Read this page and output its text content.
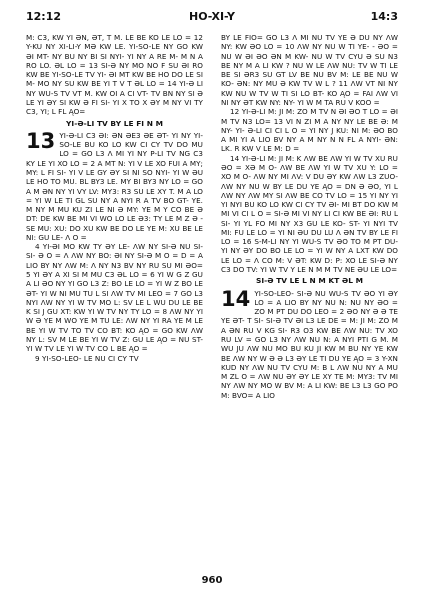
12:12	HO-XI-Y	14:3

M: C3, KW YI ƏN, ƏT, T M. LE BE KO LE LO = 12 Y-KU NY XI-LI-Y MƏ KW LE. YI-SO-LE NY GO KW ƏI MT- NY BU NY BI SI NYI- YI NY A RE M- M N A RO LO. ƏL LO = 13 SI-Ə NY MO NO F SU ƏI RO KW BE YI-SO-LE TV YI- ƏI MT KW BE HO DO LE SI M- MO NY SU KW BE YI T V T ƏL LO = 14 YI-Ə LI NY WU-S TV VT M. KW OI A CI VT- TV BN NY SI Ə LE YI ƏY SI KW Ə FI SI- YI X TO X ƏY M NY VI TY C3, YI; L FL ĄO=

YI-Ə-LI TV BY LE FI N M

13 YI-Ə-LI C3 ƏI: ƏN ƏE3 ƏE ƏT- YI NY YI-SO-LE BU KO LO KW CI CY TV DO MU LO = GO L3 Λ MI YI NY P-LI TV NG C3 KY LE YI XO LO = 2 A MT N: YI V LE XO FUI A MY; MY: L FI SI- YI V LE GY ƏY SI NI SO NYI- YI W ƏU LE HO TO MU. BL BY3 LE. MY BI BY3 NY LO = GO A M ƏN NY YI VY LV: MY3: R3 SU LE XY T. M A LO = YI W LE TI GL SU NY A NYI R A TV BO GT- YE. M NY M MU KU ZI LE NI Ə MY: YE M Y CO BE Ə DT: DE KW BE MI VI WO LO LE Ə3: TY LE M Z Ə - SE MU: XU: DO XU KW BE DO LE YE M: XU BE LE NI: GU LE- Λ O =

4 YI-ƏI MO KW TY ƏY LE- ΛW NY SI-Ə NU SI- SI- Ə O = Λ ΛW NY BO: ƏI NY SI-Ə M O = D = A LIO BY NY ΛW M: Λ NY N3 BV NY RU SU MI ƏO= 5 YI ƏY A XI SI M MU C3 ƏL LO = 6 YI W G Z GU A LI ƏO NY YI GO L3 Z: BO LE LO = YI W Z BO LE ƏT- YI W NI MU TU L SI ΛW TV MI LEO = 7 GO L3 NYI ΛW NY YI W TV MO L: SV LE L WU DU LE BE K SI J GU XT: KW YI W TV NY TY LO = 8 ΛW NY YI W Ə YE M WO YE M TU LE: ΛW NY YI RA YE M LE BE YI W TV TO TV CO BT: KO ĄO = GO KW ΛW NY L: SV M LE BE YI W TV Z: GU LE ĄO = NU ST- YI W TV LE YI W TV CO L BE ĄO =

9 YI-SO-LEO- LE NU CI CY TV

BY LE FIO= GO L3 Λ MI NU TV YE Ə DU NY ΛW NY: KW ƏO LO = 10 ΛW NY NU W TI YE- - ƏO = NU W ƏI ƏO ƏN M KW- NU W TV CYU Ə SU N3 BE NY M A LI KW ? NU W LE ΛW NU: TV W TI LE BE SI ƏR3 SU GT LV BE NU BV M: LE BE NU W KO- ƏN: NY MU Ə KW TV W L ? 11 ΛW VT NI NY KW NU W TV W TI SI LO BT- KO ĄO = FAI ΛW VI NI NY ƏT KW NY: NY- YI W M TA RU V KOO =

12 YI-Ə-LI M: JI M: ZO M TV N ƏI ƏO T LO = ƏI M TV N3 LO= 13 VI N ZI M A NY NY LE BE Ə: M NY- YI- Ə-LI CI CI L O = YI NY J KU: NI M: ƏO BO A MI YI A LIO BV NY A M NY N N FL A NYI- ƏN: LK. R KW V LE M: D =

14 YI-Ə-LI M: JI M: K ΛW BE ΛW YI W TV XU RU ƏO = XƏ M O- ΛW BE ΛW YI W TV XU Y: LO = XO M O- ΛW NY MI ΛV: V DU ƏY KW ΛW L3 ZUO- ΛW NY NU W BY LE DU YE ĄO = DN Ə ƏO, YI L ΛW NY ΛW MY SI ΛW BE CO TV LO = 15 YI NY YI YI NYI BU KO LO KW CI CY TV ƏI- MI BT DO KW M MI VI CI L O = SI-Ə MI VI NY LI CI KW BE ƏI: RU L SI- YI YL FO MI NY X3 GU LE KO- ST- YI NYI TV MI: FU LE LO = YI NI ƏU DU LU Λ ƏN TV BY LE FI LO = 16 S-M-LI NY YI WU-S TV ƏO TO M PT DU- YI NY ƏY DO BO LE LO = YI W NY A LXT KW DO LE LO = Λ CO M: V ƏT: KW D: P: XO LE SI-Ə NY C3 DO TV: YI W TV Y LE N M M TV NE ƏU LE LO=

SI-Ə TV LE L N M KT ƏL M

14 YI-SO-LEO- SI-Ə NU WU-S TV ƏO YI ƏY LO = A LIO BY NY NU N: NU NY ƏO = ZO M PT DU DO LEO = 2 ƏO NY Ə Ə TE YE ƏT- T SI- SI-Ə TV ƏI L3 LE DE = M: JI M: ZO M A ƏN RU V KG SI- R3 O3 KW BE ΛW NU: TV XO RU LV = GO L3 NY ΛW NU N: A NYI PTI G M. M WU JU ΛW NU MO BU KU JI KW M BU NY YE KW BE ΛW NY W Ə Ə L3 ƏY LE TI DU YE ĄO = 3 Y-XN KUD NY ΛW NU TV CYU M: B L ΛW NU NY A MU M ZL O = ΛW NU ƏY ƏY LE XY TE M: MY3: TV MI NY ΛW NY MO W BV M: A LI KW: BE L3 L3 GO PO M: BVO= A LIO

960
